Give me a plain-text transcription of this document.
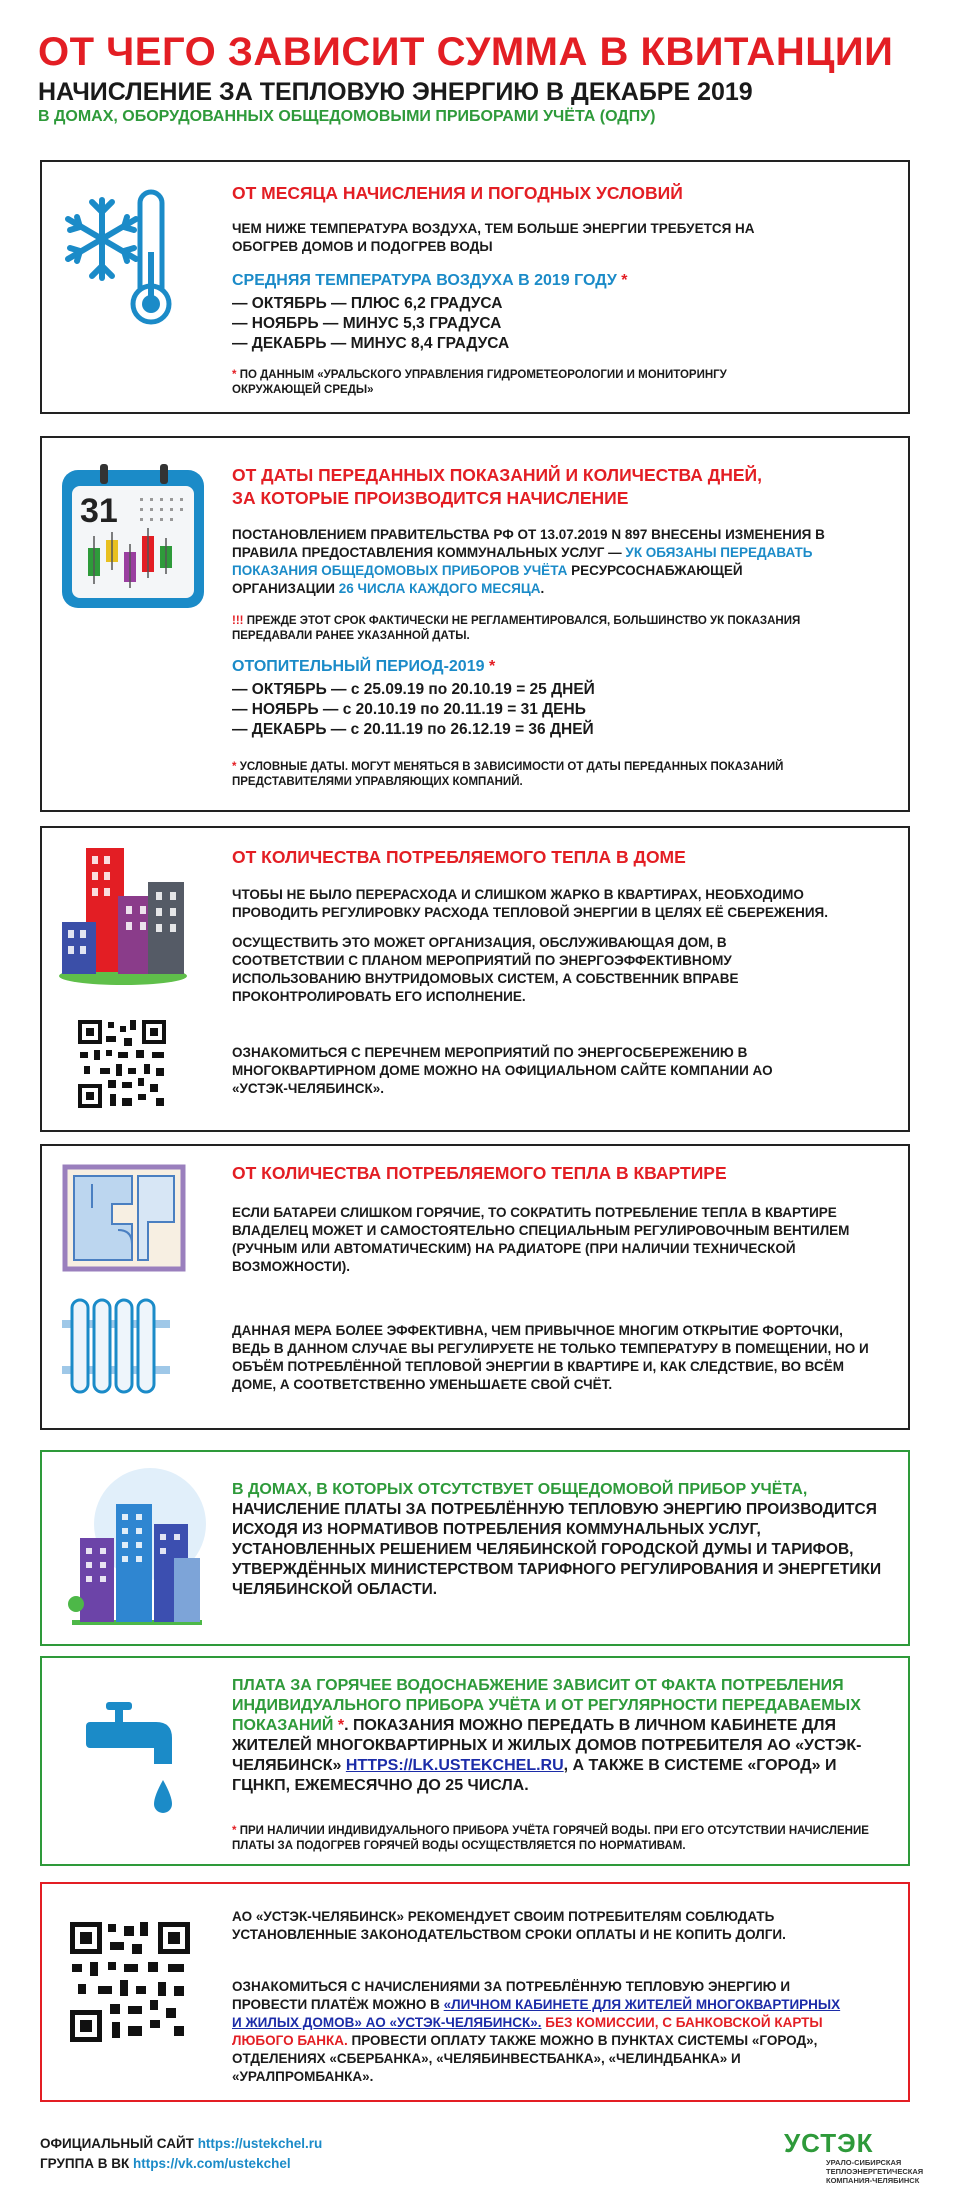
ОТ ЧЕГО ЗАВИСИТ СУММА В КВИТАНЦИИ
НАЧИСЛЕНИЕ ЗА ТЕПЛОВУЮ ЭНЕРГИЮ В ДЕКАБРЕ 2019
В ДОМАХ, ОБОРУДОВАННЫХ ОБЩЕДОМОВЫМИ ПРИБОРАМИ УЧЁТА (ОДПУ)
ОТ МЕСЯЦА НАЧИСЛЕНИЯ И ПОГОДНЫХ УСЛОВИЙ
ЧЕМ НИЖЕ ТЕМПЕРАТУРА ВОЗДУХА, ТЕМ БОЛЬШЕ ЭНЕРГИИ ТРЕБУЕТСЯ НА ОБОГРЕВ ДОМОВ И ПОДОГРЕВ ВОДЫ
СРЕДНЯЯ ТЕМПЕРАТУРА ВОЗДУХА В 2019 ГОДУ *
— ОКТЯБРЬ — ПЛЮС 6,2 ГРАДУСА
— НОЯБРЬ — МИНУС 5,3 ГРАДУСА
— ДЕКАБРЬ — МИНУС 8,4 ГРАДУСА
* ПО ДАННЫМ «УРАЛЬСКОГО УПРАВЛЕНИЯ ГИДРОМЕТЕОРОЛОГИИ И МОНИТОРИНГУ ОКРУЖАЮЩЕЙ СРЕДЫ»
31
ОТ ДАТЫ ПЕРЕДАННЫХ ПОКАЗАНИЙ И КОЛИЧЕСТВА ДНЕЙ,
ЗА КОТОРЫЕ ПРОИЗВОДИТСЯ НАЧИСЛЕНИЕ
ПОСТАНОВЛЕНИЕМ ПРАВИТЕЛЬСТВА РФ ОТ 13.07.2019 N 897 ВНЕСЕНЫ ИЗМЕНЕНИЯ В ПРАВИЛА ПРЕДОСТАВЛЕНИЯ КОММУНАЛЬНЫХ УСЛУГ — УК ОБЯЗАНЫ ПЕРЕДАВАТЬ ПОКАЗАНИЯ ОБЩЕДОМОВЫХ ПРИБОРОВ УЧЁТА РЕСУРСОСНАБЖАЮЩЕЙ ОРГАНИЗАЦИИ 26 ЧИСЛА КАЖДОГО МЕСЯЦА.
!!! ПРЕЖДЕ ЭТОТ СРОК ФАКТИЧЕСКИ НЕ РЕГЛАМЕНТИРОВАЛСЯ, БОЛЬШИНСТВО УК ПОКАЗАНИЯ ПЕРЕДАВАЛИ РАНЕЕ УКАЗАННОЙ ДАТЫ.
ОТОПИТЕЛЬНЫЙ ПЕРИОД-2019 *
— ОКТЯБРЬ — с 25.09.19 по 20.10.19 = 25 ДНЕЙ
— НОЯБРЬ — с 20.10.19 по 20.11.19 = 31 ДЕНЬ
— ДЕКАБРЬ — с 20.11.19 по 26.12.19 = 36 ДНЕЙ
* УСЛОВНЫЕ ДАТЫ. МОГУТ МЕНЯТЬСЯ В ЗАВИСИМОСТИ ОТ ДАТЫ ПЕРЕДАННЫХ ПОКАЗАНИЙ ПРЕДСТАВИТЕЛЯМИ УПРАВЛЯЮЩИХ КОМПАНИЙ.
ОТ КОЛИЧЕСТВА ПОТРЕБЛЯЕМОГО ТЕПЛА В ДОМЕ
ЧТОБЫ НЕ БЫЛО ПЕРЕРАСХОДА И СЛИШКОМ ЖАРКО В КВАРТИРАХ, НЕОБХОДИМО ПРОВОДИТЬ РЕГУЛИРОВКУ РАСХОДА ТЕПЛОВОЙ ЭНЕРГИИ В ЦЕЛЯХ ЕЁ СБЕРЕЖЕНИЯ.
ОСУЩЕСТВИТЬ ЭТО МОЖЕТ ОРГАНИЗАЦИЯ, ОБСЛУЖИВАЮЩАЯ ДОМ, В СООТВЕТСТВИИ С ПЛАНОМ МЕРОПРИЯТИЙ ПО ЭНЕРГОЭФФЕКТИВНОМУ ИСПОЛЬЗОВАНИЮ ВНУТРИДОМОВЫХ СИСТЕМ, А СОБСТВЕННИК ВПРАВЕ ПРОКОНТРОЛИРОВАТЬ ЕГО ИСПОЛНЕНИЕ.
ОЗНАКОМИТЬСЯ С ПЕРЕЧНЕМ МЕРОПРИЯТИЙ ПО ЭНЕРГОСБЕРЕЖЕНИЮ В МНОГОКВАРТИРНОМ ДОМЕ МОЖНО НА ОФИЦИАЛЬНОМ САЙТЕ КОМПАНИИ АО «УСТЭК-ЧЕЛЯБИНСК».
ОТ КОЛИЧЕСТВА ПОТРЕБЛЯЕМОГО ТЕПЛА В КВАРТИРЕ
ЕСЛИ БАТАРЕИ СЛИШКОМ ГОРЯЧИЕ, ТО СОКРАТИТЬ ПОТРЕБЛЕНИЕ ТЕПЛА В КВАРТИРЕ ВЛАДЕЛЕЦ МОЖЕТ И САМОСТОЯТЕЛЬНО СПЕЦИАЛЬНЫМ РЕГУЛИРОВОЧНЫМ ВЕНТИЛЕМ (РУЧНЫМ ИЛИ АВТОМАТИЧЕСКИМ) НА РАДИАТОРЕ (ПРИ НАЛИЧИИ ТЕХНИЧЕСКОЙ ВОЗМОЖНОСТИ).
ДАННАЯ МЕРА БОЛЕЕ ЭФФЕКТИВНА, ЧЕМ ПРИВЫЧНОЕ МНОГИМ ОТКРЫТИЕ ФОРТОЧКИ, ВЕДЬ В ДАННОМ СЛУЧАЕ ВЫ РЕГУЛИРУЕТЕ НЕ ТОЛЬКО ТЕМПЕРАТУРУ В ПОМЕЩЕНИИ, НО И ОБЪЁМ ПОТРЕБЛЁННОЙ ТЕПЛОВОЙ ЭНЕРГИИ В КВАРТИРЕ И, КАК СЛЕДСТВИЕ, ВО ВСЁМ ДОМЕ, А СООТВЕТСТВЕННО УМЕНЬШАЕТЕ СВОЙ СЧЁТ.
В ДОМАХ, В КОТОРЫХ ОТСУТСТВУЕТ ОБЩЕДОМОВОЙ ПРИБОР УЧЁТА,
НАЧИСЛЕНИЕ ПЛАТЫ ЗА ПОТРЕБЛЁННУЮ ТЕПЛОВУЮ ЭНЕРГИЮ ПРОИЗВОДИТСЯ ИСХОДЯ ИЗ НОРМАТИВОВ ПОТРЕБЛЕНИЯ КОММУНАЛЬНЫХ УСЛУГ, УСТАНОВЛЕННЫХ РЕШЕНИЕМ ЧЕЛЯБИНСКОЙ ГОРОДСКОЙ ДУМЫ И ТАРИФОВ, УТВЕРЖДЁННЫХ МИНИСТЕРСТВОМ ТАРИФНОГО РЕГУЛИРОВАНИЯ И ЭНЕРГЕТИКИ ЧЕЛЯБИНСКОЙ ОБЛАСТИ.
ПЛАТА ЗА ГОРЯЧЕЕ ВОДОСНАБЖЕНИЕ ЗАВИСИТ ОТ ФАКТА ПОТРЕБЛЕНИЯ ИНДИВИДУАЛЬНОГО ПРИБОРА УЧЁТА И ОТ РЕГУЛЯРНОСТИ ПЕРЕДАВАЕМЫХ ПОКАЗАНИЙ *. ПОКАЗАНИЯ МОЖНО ПЕРЕДАТЬ В ЛИЧНОМ КАБИНЕТЕ ДЛЯ ЖИТЕЛЕЙ МНОГОКВАРТИРНЫХ И ЖИЛЫХ ДОМОВ ПОТРЕБИТЕЛЯ АО «УСТЭК-ЧЕЛЯБИНСК» HTTPS://LK.USTEKCHEL.RU, А ТАКЖЕ В СИСТЕМЕ «ГОРОД» И ГЦНКП, ЕЖЕМЕСЯЧНО ДО 25 ЧИСЛА.
* ПРИ НАЛИЧИИ ИНДИВИДУАЛЬНОГО ПРИБОРА УЧЁТА ГОРЯЧЕЙ ВОДЫ. ПРИ ЕГО ОТСУТСТВИИ НАЧИСЛЕНИЕ ПЛАТЫ ЗА ПОДОГРЕВ ГОРЯЧЕЙ ВОДЫ ОСУЩЕСТВЛЯЕТСЯ ПО НОРМАТИВАМ.
АО «УСТЭК-ЧЕЛЯБИНСК» РЕКОМЕНДУЕТ СВОИМ ПОТРЕБИТЕЛЯМ СОБЛЮДАТЬ УСТАНОВЛЕННЫЕ ЗАКОНОДАТЕЛЬСТВОМ СРОКИ ОПЛАТЫ И НЕ КОПИТЬ ДОЛГИ.
ОЗНАКОМИТЬСЯ С НАЧИСЛЕНИЯМИ ЗА ПОТРЕБЛЁННУЮ ТЕПЛОВУЮ ЭНЕРГИЮ И ПРОВЕСТИ ПЛАТЁЖ МОЖНО В «ЛИЧНОМ КАБИНЕТЕ ДЛЯ ЖИТЕЛЕЙ МНОГОКВАРТИРНЫХ И ЖИЛЫХ ДОМОВ» АО «УСТЭК-ЧЕЛЯБИНСК». БЕЗ КОМИССИИ, С БАНКОВСКОЙ КАРТЫ ЛЮБОГО БАНКА. ПРОВЕСТИ ОПЛАТУ ТАКЖЕ МОЖНО В ПУНКТАХ СИСТЕМЫ «ГОРОД», ОТДЕЛЕНИЯХ «СБЕРБАНКА», «ЧЕЛЯБИНВЕСТБАНКА», «ЧЕЛИНДБАНКА» И «УРАЛПРОМБАНКА».
ОФИЦИАЛЬНЫЙ САЙТ https://ustekchel.ru
ГРУППА В ВК https://vk.com/ustekchel
УСТЭК
УРАЛО-СИБИРСКАЯ ТЕПЛОЭНЕРГЕТИЧЕСКАЯ КОМПАНИЯ-ЧЕЛЯБИНСК
